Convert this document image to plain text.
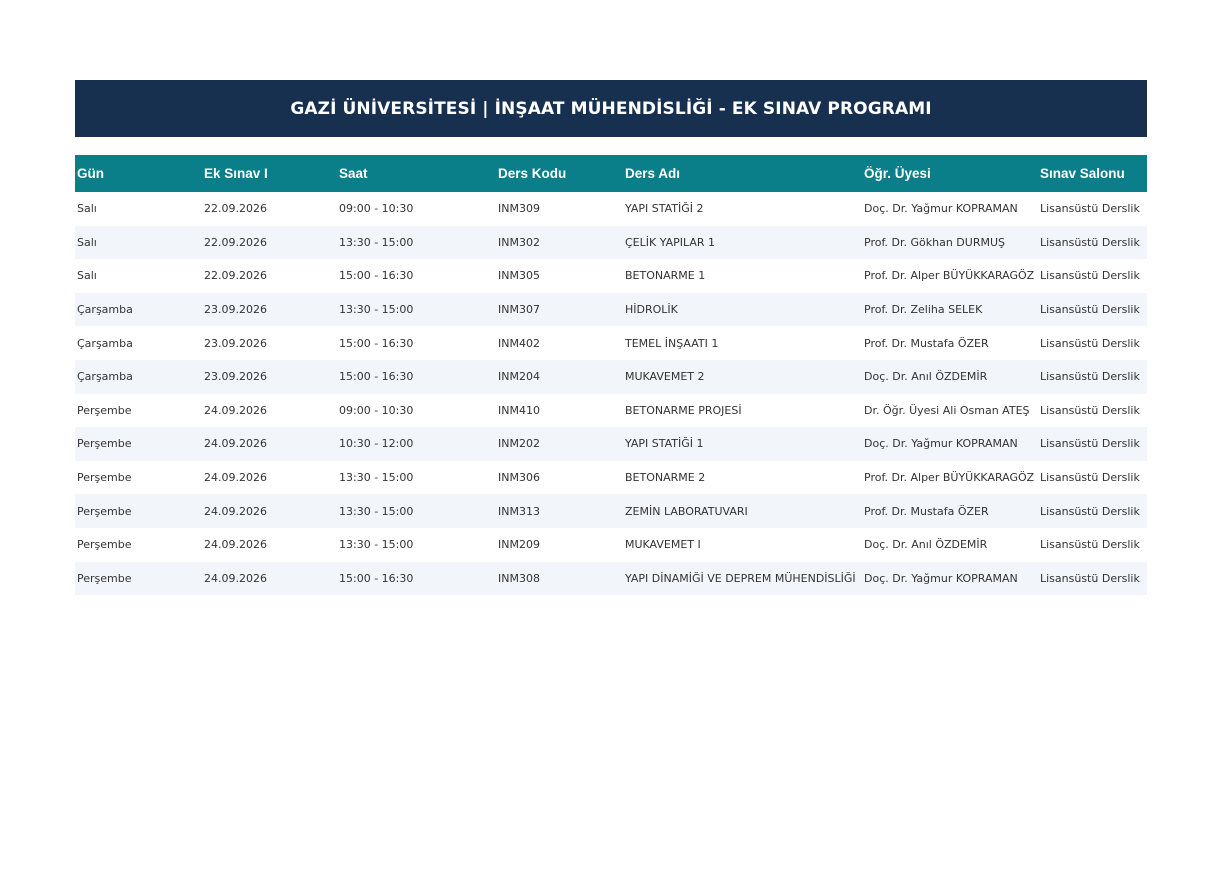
GAZİ ÜNİVERSİTESİ | İNŞAAT MÜHENDİSLİĞİ - EK SINAV PROGRAMI
Gün	Ek Sınav I	Saat	Ders Kodu	Ders Adı	Öğr. Üyesi	Sınav Salonu
Salı	22.09.2026	09:00 - 10:30	INM309	YAPI STATİĞİ 2	Doç. Dr. Yağmur KOPRAMAN	Lisansüstü Derslik
Salı	22.09.2026	13:30 - 15:00	INM302	ÇELİK YAPILAR 1	Prof. Dr. Gökhan DURMUŞ	Lisansüstü Derslik
Salı	22.09.2026	15:00 - 16:30	INM305	BETONARME 1	Prof. Dr. Alper BÜYÜKKARAGÖZ	Lisansüstü Derslik
Çarşamba	23.09.2026	13:30 - 15:00	INM307	HİDROLİK	Prof. Dr. Zeliha SELEK	Lisansüstü Derslik
Çarşamba	23.09.2026	15:00 - 16:30	INM402	TEMEL İNŞAATI 1	Prof. Dr. Mustafa ÖZER	Lisansüstü Derslik
Çarşamba	23.09.2026	15:00 - 16:30	INM204	MUKAVEMET 2	Doç. Dr. Anıl ÖZDEMİR	Lisansüstü Derslik
Perşembe	24.09.2026	09:00 - 10:30	INM410	BETONARME PROJESİ	Dr. Öğr. Üyesi Ali Osman ATEŞ	Lisansüstü Derslik
Perşembe	24.09.2026	10:30 - 12:00	INM202	YAPI STATİĞİ 1	Doç. Dr. Yağmur KOPRAMAN	Lisansüstü Derslik
Perşembe	24.09.2026	13:30 - 15:00	INM306	BETONARME 2	Prof. Dr. Alper BÜYÜKKARAGÖZ	Lisansüstü Derslik
Perşembe	24.09.2026	13:30 - 15:00	INM313	ZEMİN LABORATUVARI	Prof. Dr. Mustafa ÖZER	Lisansüstü Derslik
Perşembe	24.09.2026	13:30 - 15:00	INM209	MUKAVEMET I	Doç. Dr. Anıl ÖZDEMİR	Lisansüstü Derslik
Perşembe	24.09.2026	15:00 - 16:30	INM308	YAPI DİNAMİĞİ VE DEPREM MÜHENDİSLİĞİ	Doç. Dr. Yağmur KOPRAMAN	Lisansüstü Derslik
